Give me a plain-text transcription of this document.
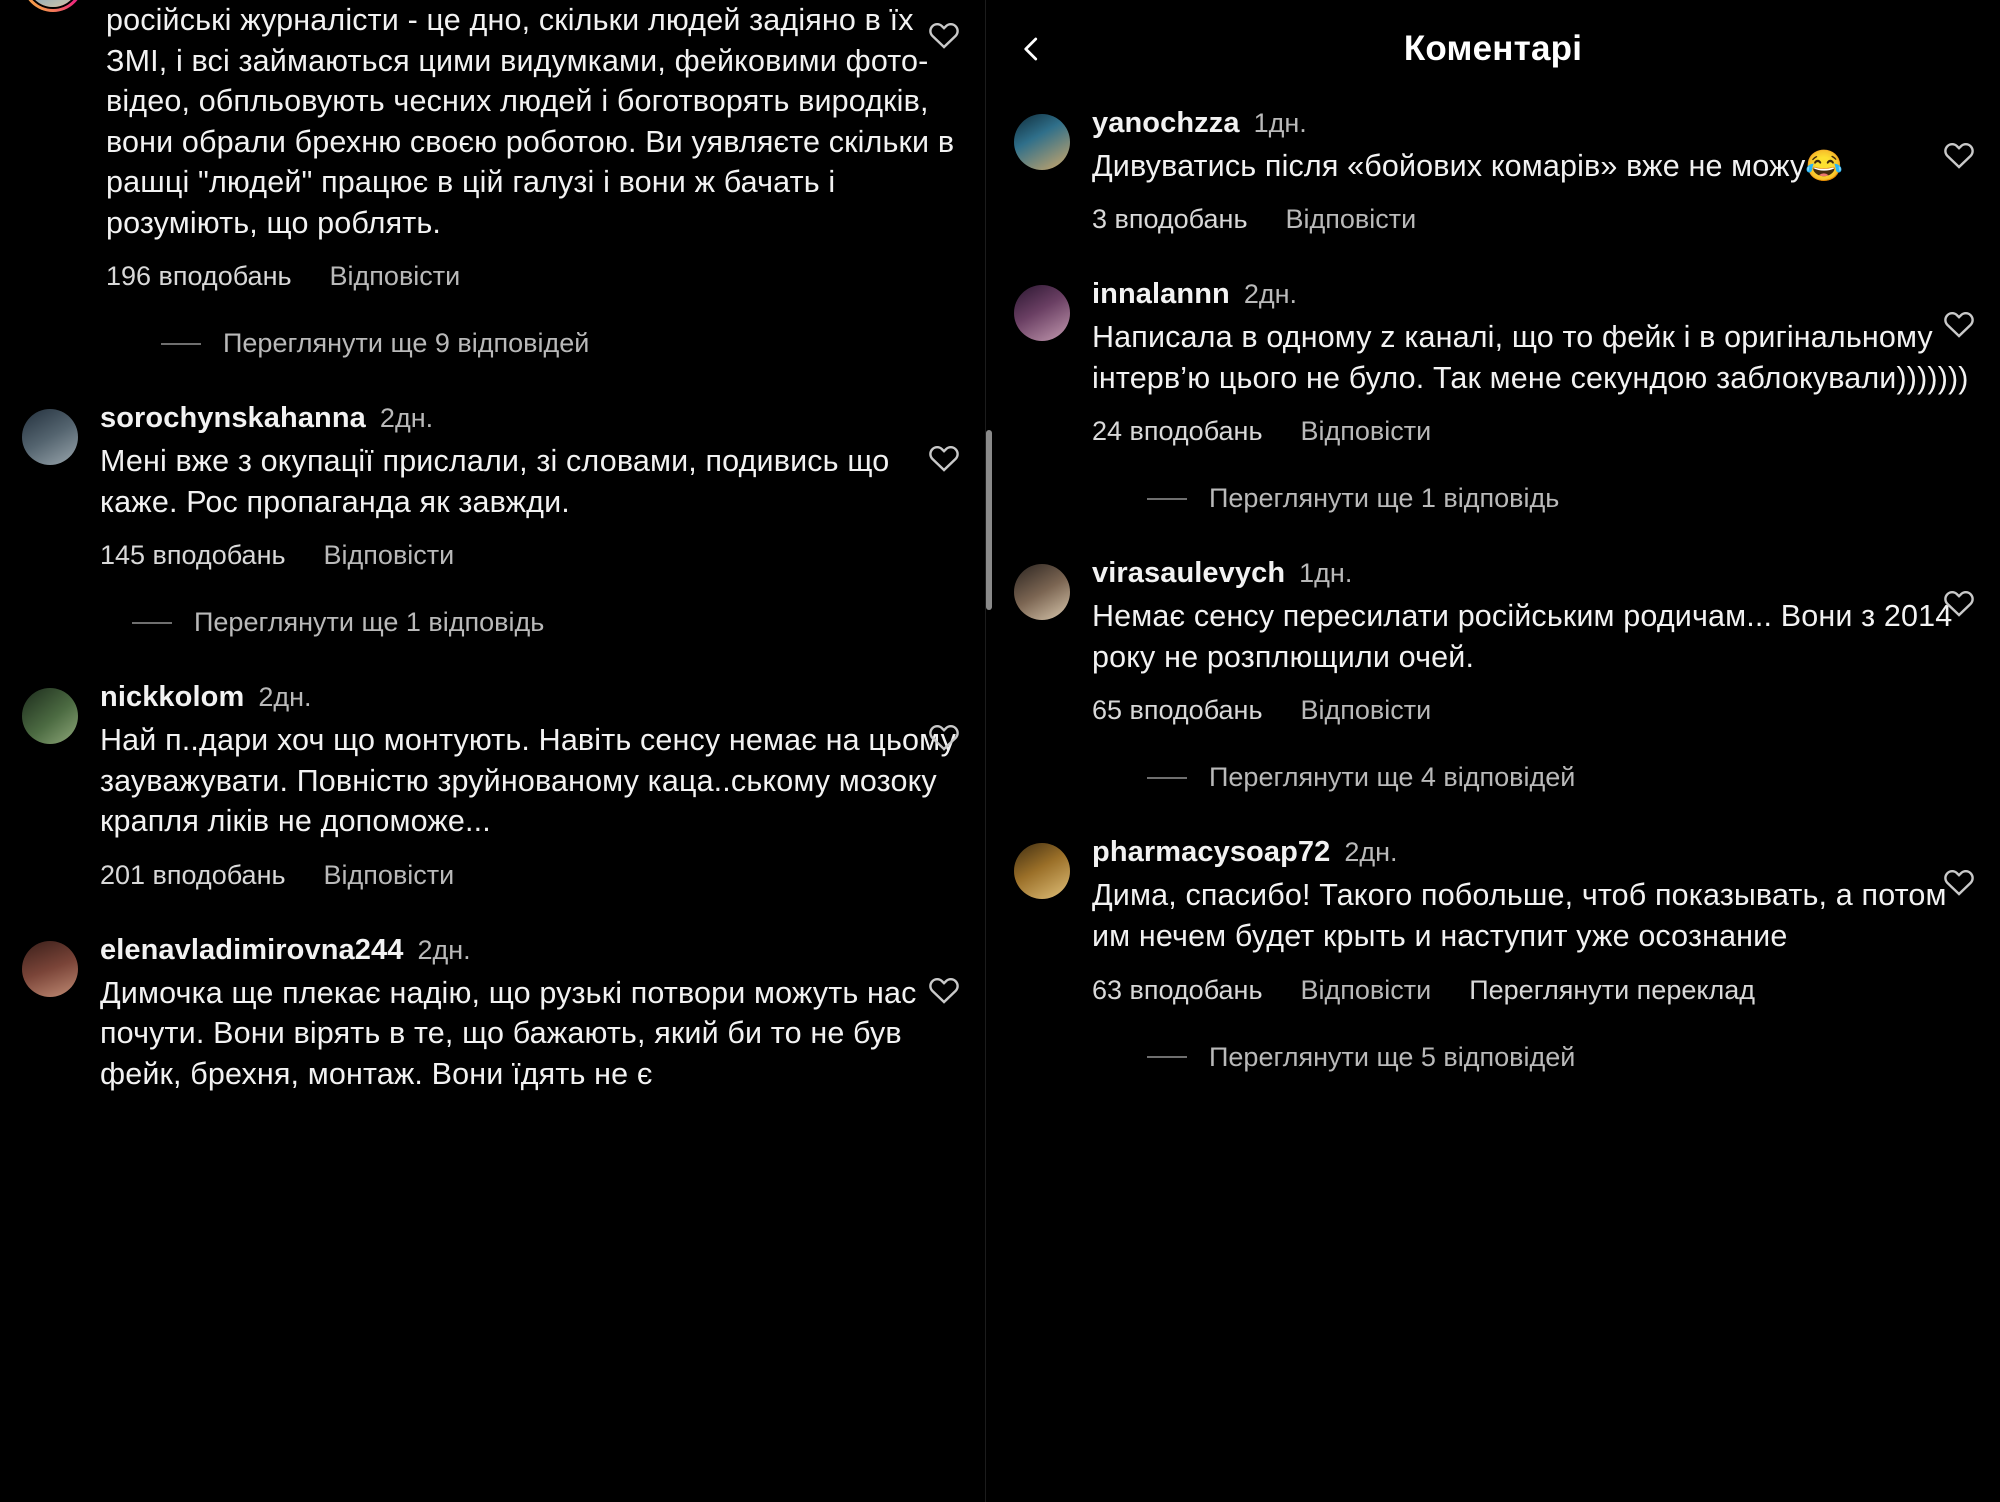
російські журналісти - це дно, скільки людей задіяно в їх ЗМІ, і всі займаються цими видумками, фейковими фото-відео, обпльовують чесних людей і боготворять виродків, вони обрали брехню своєю роботою. Ви уявляєте скільки в рашці "людей" працює в цій галузі і вони ж бачать і розуміють, що роблять.
196 вподобань Відповісти
Переглянути ще 9 відповідей
sorochynskahanna 2дн.
Мені вже з окупації прислали, зі словами, подивись що каже. Рос пропаганда як завжди.
145 вподобань Відповісти
Переглянути ще 1 відповідь
nickkolom 2дн.
Най п..дари хоч що монтують. Навіть сенсу немає на цьому зауважувати. Повністю зруйнованому каца..ському мозоку крапля ліків не допоможе...
201 вподобань Відповісти
elenavladimirovna244 2дн.
Димочка ще плекає надію, що рузькі потвори можуть нас почути. Вони вірять в те, що бажають, який би то не був фейк, брехня, монтаж. Вони їдять не є
Коментарі
yanochzza 1дн.
Дивуватись після «бойових комарів» вже не можу😂
3 вподобань Відповісти
innalannn 2дн.
Написала в одному z каналі, що то фейк і в оригінальному інтерв’ю цього не було. Так мене секундою заблокували)))))))
24 вподобань Відповісти
Переглянути ще 1 відповідь
virasaulevych 1дн.
Немає сенсу пересилати російським родичам... Вони з 2014 року не розплющили очей.
65 вподобань Відповісти
Переглянути ще 4 відповідей
pharmacysoap72 2дн.
Дима, спасибо! Такого побольше, чтоб показывать, а потом им нечем будет крыть и наступит уже осознание
63 вподобань Відповісти Переглянути переклад
Переглянути ще 5 відповідей
